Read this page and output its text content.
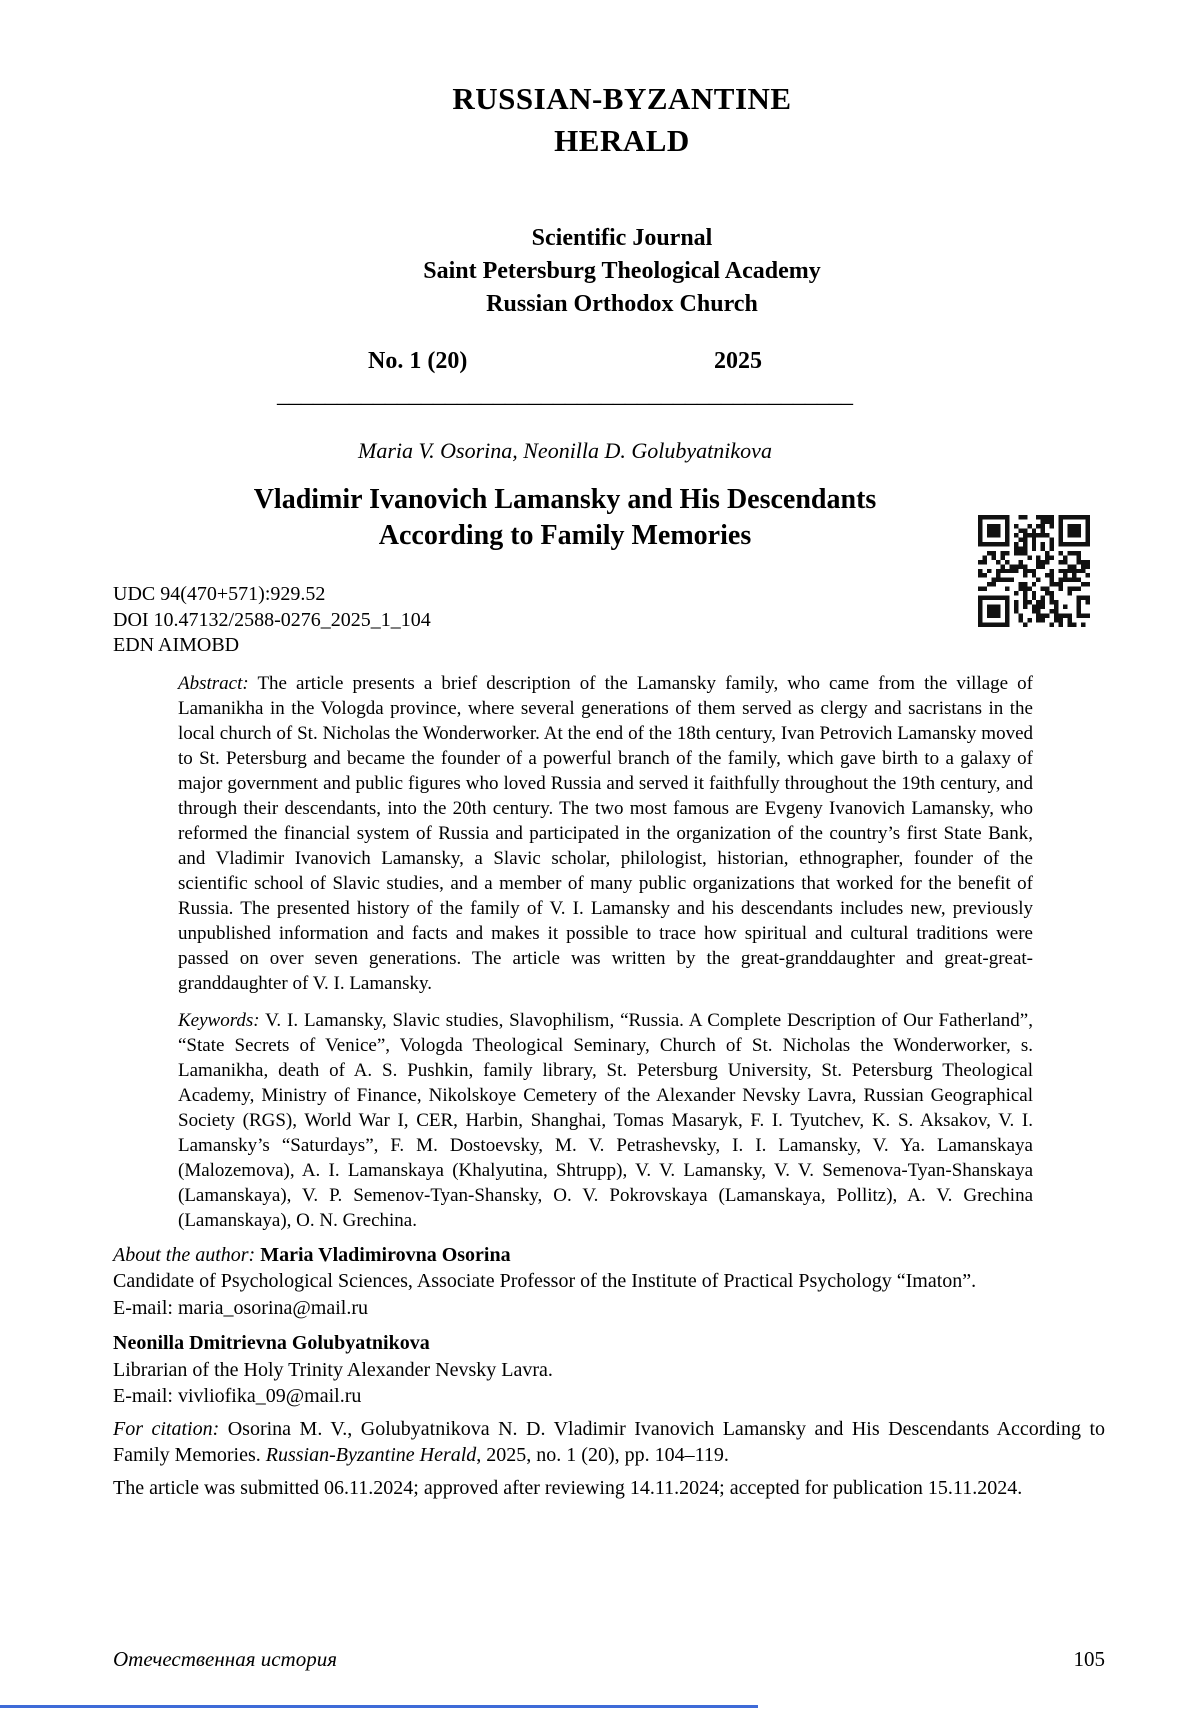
RUSSIAN-BYZANTINE
HERALD
Scientific Journal
Saint Petersburg Theological Academy
Russian Orthodox Church
No. 1 (20)	2025
________________________________________________
Maria V. Osorina, Neonilla D. Golubyatnikova
Vladimir Ivanovich Lamansky and His Descendants
According to Family Memories
UDC 94(470+571):929.52
DOI 10.47132/2588-0276_2025_1_104
EDN AIMOBD

Abstract: The article presents a brief description of the Lamansky family, who came from the village of Lamanikha in the Vologda province, where several generations of them served as clergy and sacristans in the local church of St. Nicholas the Wonderworker. At the end of the 18th century, Ivan Petrovich Lamansky moved to St. Petersburg and became the founder of a powerful branch of the family, which gave birth to a galaxy of major government and public figures who loved Russia and served it faithfully throughout the 19th century, and through their descendants, into the 20th century. The two most famous are Evgeny Ivanovich Lamansky, who reformed the financial system of Russia and participated in the organization of the country’s first State Bank, and Vladimir Ivanovich Lamansky, a Slavic scholar, philologist, historian, ethnographer, founder of the scientific school of Slavic studies, and a member of many public organizations that worked for the benefit of Russia. The presented history of the family of V. I. Lamansky and his descendants includes new, previously unpublished information and facts and makes it possible to trace how spiritual and cultural traditions were passed on over seven generations. The article was written by the great-granddaughter and great-great-granddaughter of V. I. Lamansky.

Keywords: V. I. Lamansky, Slavic studies, Slavophilism, “Russia. A Complete Description of Our Fatherland”, “State Secrets of Venice”, Vologda Theological Seminary, Church of St. Nicholas the Wonderworker, s. Lamanikha, death of A. S. Pushkin, family library, St. Petersburg University, St. Petersburg Theological Academy, Ministry of Finance, Nikolskoye Cemetery of the Alexander Nevsky Lavra, Russian Geographical Society (RGS), World War I, CER, Harbin, Shanghai, Tomas Masaryk, F. I. Tyutchev, K. S. Aksakov, V. I. Lamansky’s “Saturdays”, F. M. Dostoevsky, M. V. Petrashevsky, I. I. Lamansky, V. Ya. Lamanskaya (Malozemova), A. I. Lamanskaya (Khalyutina, Shtrupp), V. V. Lamansky, V. V. Semenova-Tyan-Shanskaya (Lamanskaya), V. P. Semenov-Tyan-Shansky, O. V. Pokrovskaya (Lamanskaya, Pollitz), A. V. Grechina (Lamanskaya), O. N. Grechina.

About the author: Maria Vladimirovna Osorina
Candidate of Psychological Sciences, Associate Professor of the Institute of Practical Psychology “Imaton”.
E-mail: maria_osorina@mail.ru

Neonilla Dmitrievna Golubyatnikova
Librarian of the Holy Trinity Alexander Nevsky Lavra.
E-mail: vivliofika_09@mail.ru

For citation: Osorina M. V., Golubyatnikova N. D. Vladimir Ivanovich Lamansky and His Descendants According to Family Memories. Russian-Byzantine Herald, 2025, no. 1 (20), pp. 104–119.

The article was submitted 06.11.2024; approved after reviewing 14.11.2024; accepted for publication 15.11.2024.

Отечественная история	105
